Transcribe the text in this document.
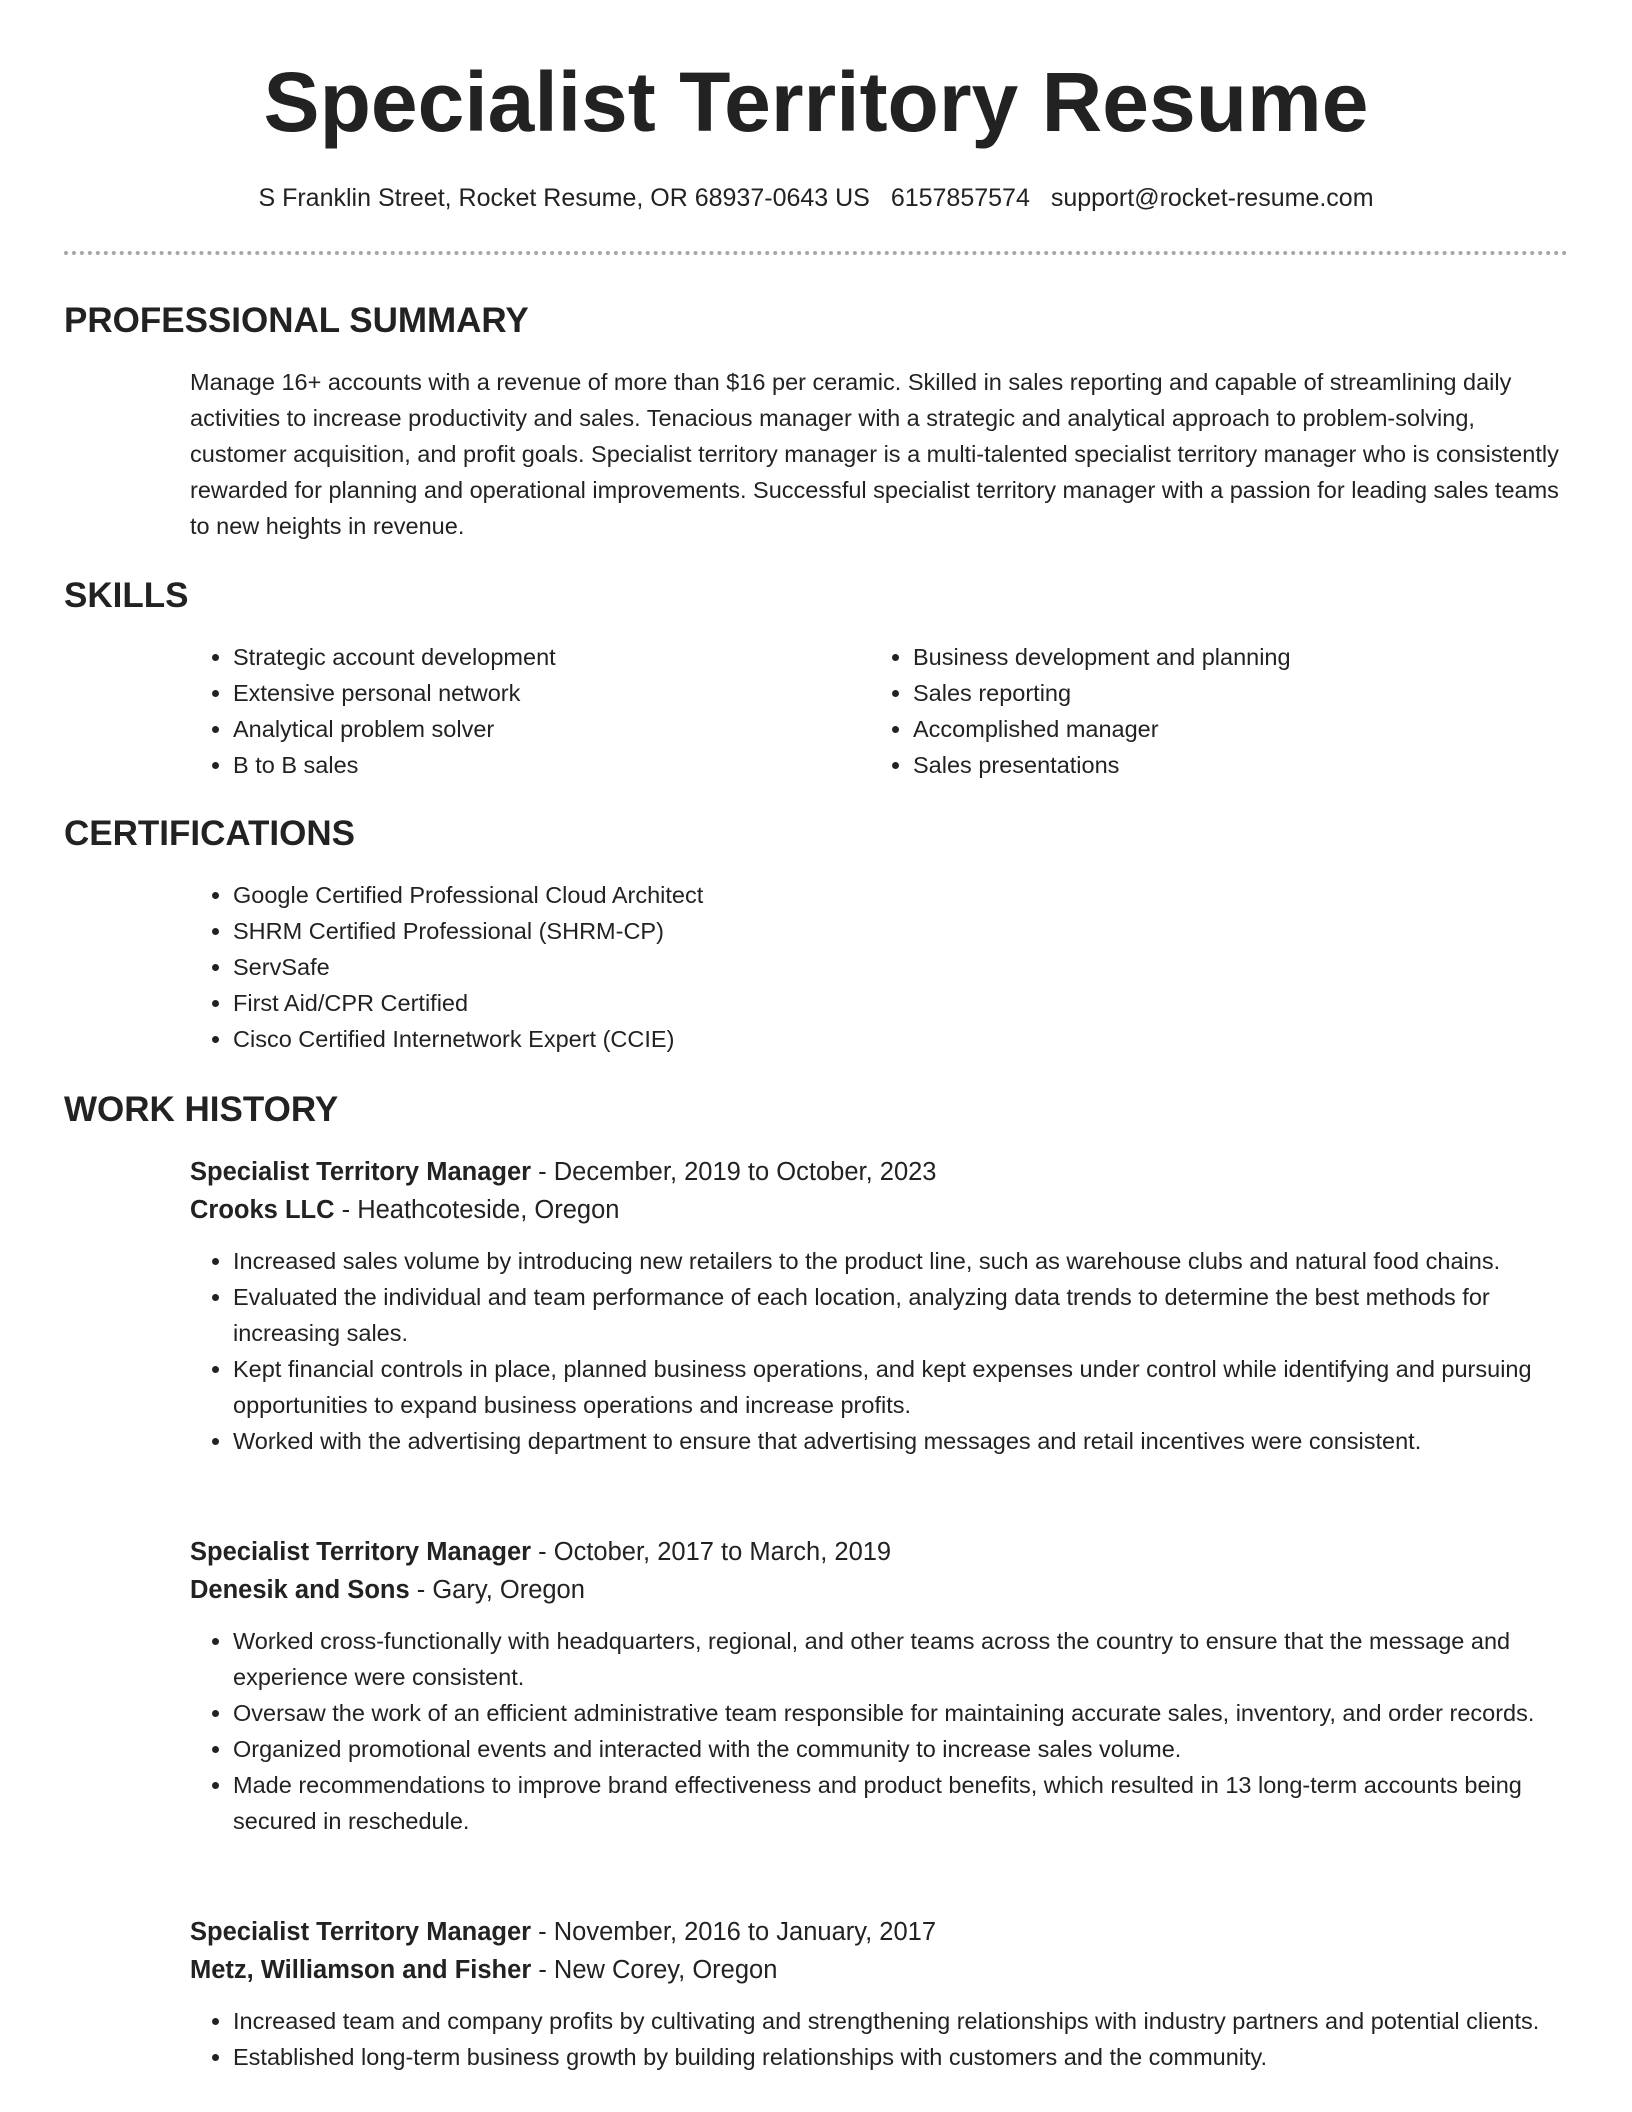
Specialist Territory Resume
S Franklin Street, Rocket Resume, OR 68937-0643 US 6157857574 support@rocket-resume.com
PROFESSIONAL SUMMARY
Manage 16+ accounts with a revenue of more than $16 per ceramic. Skilled in sales reporting and capable of streamlining daily activities to increase productivity and sales. Tenacious manager with a strategic and analytical approach to problem-solving, customer acquisition, and profit goals. Specialist territory manager is a multi-talented specialist territory manager who is consistently rewarded for planning and operational improvements. Successful specialist territory manager with a passion for leading sales teams to new heights in revenue.
SKILLS
• Strategic account development
• Extensive personal network
• Analytical problem solver
• B to B sales
• Business development and planning
• Sales reporting
• Accomplished manager
• Sales presentations
CERTIFICATIONS
• Google Certified Professional Cloud Architect
• SHRM Certified Professional (SHRM-CP)
• ServSafe
• First Aid/CPR Certified
• Cisco Certified Internetwork Expert (CCIE)
WORK HISTORY
Specialist Territory Manager - December, 2019 to October, 2023
Crooks LLC - Heathcoteside, Oregon
• Increased sales volume by introducing new retailers to the product line, such as warehouse clubs and natural food chains.
• Evaluated the individual and team performance of each location, analyzing data trends to determine the best methods for increasing sales.
• Kept financial controls in place, planned business operations, and kept expenses under control while identifying and pursuing opportunities to expand business operations and increase profits.
• Worked with the advertising department to ensure that advertising messages and retail incentives were consistent.
Specialist Territory Manager - October, 2017 to March, 2019
Denesik and Sons - Gary, Oregon
• Worked cross-functionally with headquarters, regional, and other teams across the country to ensure that the message and experience were consistent.
• Oversaw the work of an efficient administrative team responsible for maintaining accurate sales, inventory, and order records.
• Organized promotional events and interacted with the community to increase sales volume.
• Made recommendations to improve brand effectiveness and product benefits, which resulted in 13 long-term accounts being secured in reschedule.
Specialist Territory Manager - November, 2016 to January, 2017
Metz, Williamson and Fisher - New Corey, Oregon
• Increased team and company profits by cultivating and strengthening relationships with industry partners and potential clients.
• Established long-term business growth by building relationships with customers and the community.
